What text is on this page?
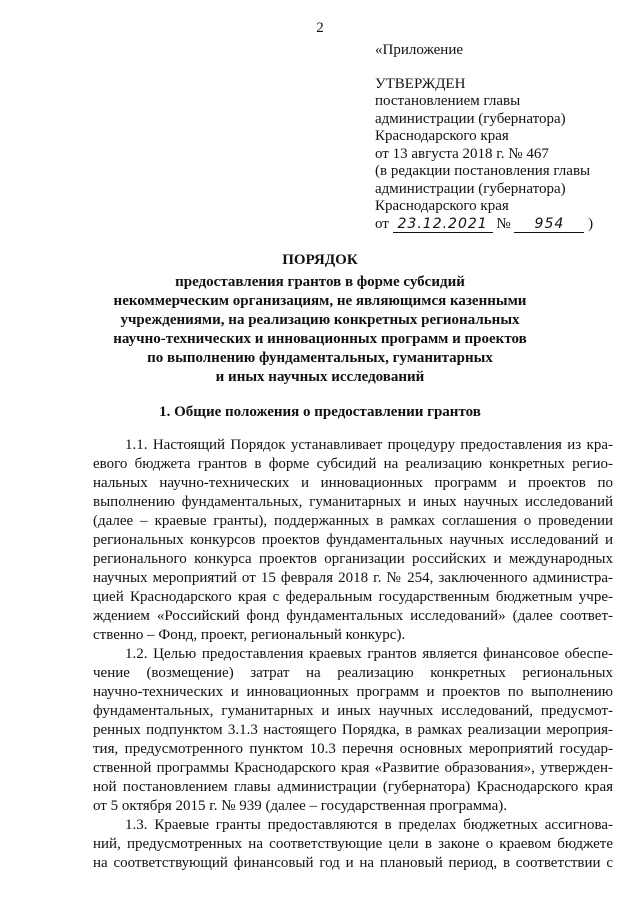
2
«Приложение
УТВЕРЖДЕН
постановлением главы
администрации (губернатора)
Краснодарского края
от 13 августа 2018 г. № 467
(в редакции постановления главы
администрации (губернатора)
Краснодарского края
от 23.12.2021 № 954 )
ПОРЯДОК
предоставления грантов в форме субсидий
некоммерческим организациям, не являющимся казенными
учреждениями, на реализацию конкретных региональных
научно-технических и инновационных программ и проектов
по выполнению фундаментальных, гуманитарных
и иных научных исследований
1. Общие положения о предоставлении грантов
1.1. Настоящий Порядок устанавливает процедуру предоставления из кра-
евого бюджета грантов в форме субсидий на реализацию конкретных регио-
нальных научно-технических и инновационных программ и проектов по
выполнению фундаментальных, гуманитарных и иных научных исследований
(далее – краевые гранты), поддержанных в рамках соглашения о проведении
региональных конкурсов проектов фундаментальных научных исследований и
регионального конкурса проектов организации российских и международных
научных мероприятий от 15 февраля 2018 г. № 254, заключенного администра-
цией Краснодарского края с федеральным государственным бюджетным учре-
ждением «Российский фонд фундаментальных исследований» (далее соответ-
ственно – Фонд, проект, региональный конкурс).
1.2. Целью предоставления краевых грантов является финансовое обеспе-
чение (возмещение) затрат на реализацию конкретных региональных
научно-технических и инновационных программ и проектов по выполнению
фундаментальных, гуманитарных и иных научных исследований, предусмот-
ренных подпунктом 3.1.3 настоящего Порядка, в рамках реализации мероприя-
тия, предусмотренного пунктом 10.3 перечня основных мероприятий государ-
ственной программы Краснодарского края «Развитие образования», утвержден-
ной постановлением главы администрации (губернатора) Краснодарского края
от 5 октября 2015 г. № 939 (далее – государственная программа).
1.3. Краевые гранты предоставляются в пределах бюджетных ассигнова-
ний, предусмотренных на соответствующие цели в законе о краевом бюджете
на соответствующий финансовый год и на плановый период, в соответствии с
